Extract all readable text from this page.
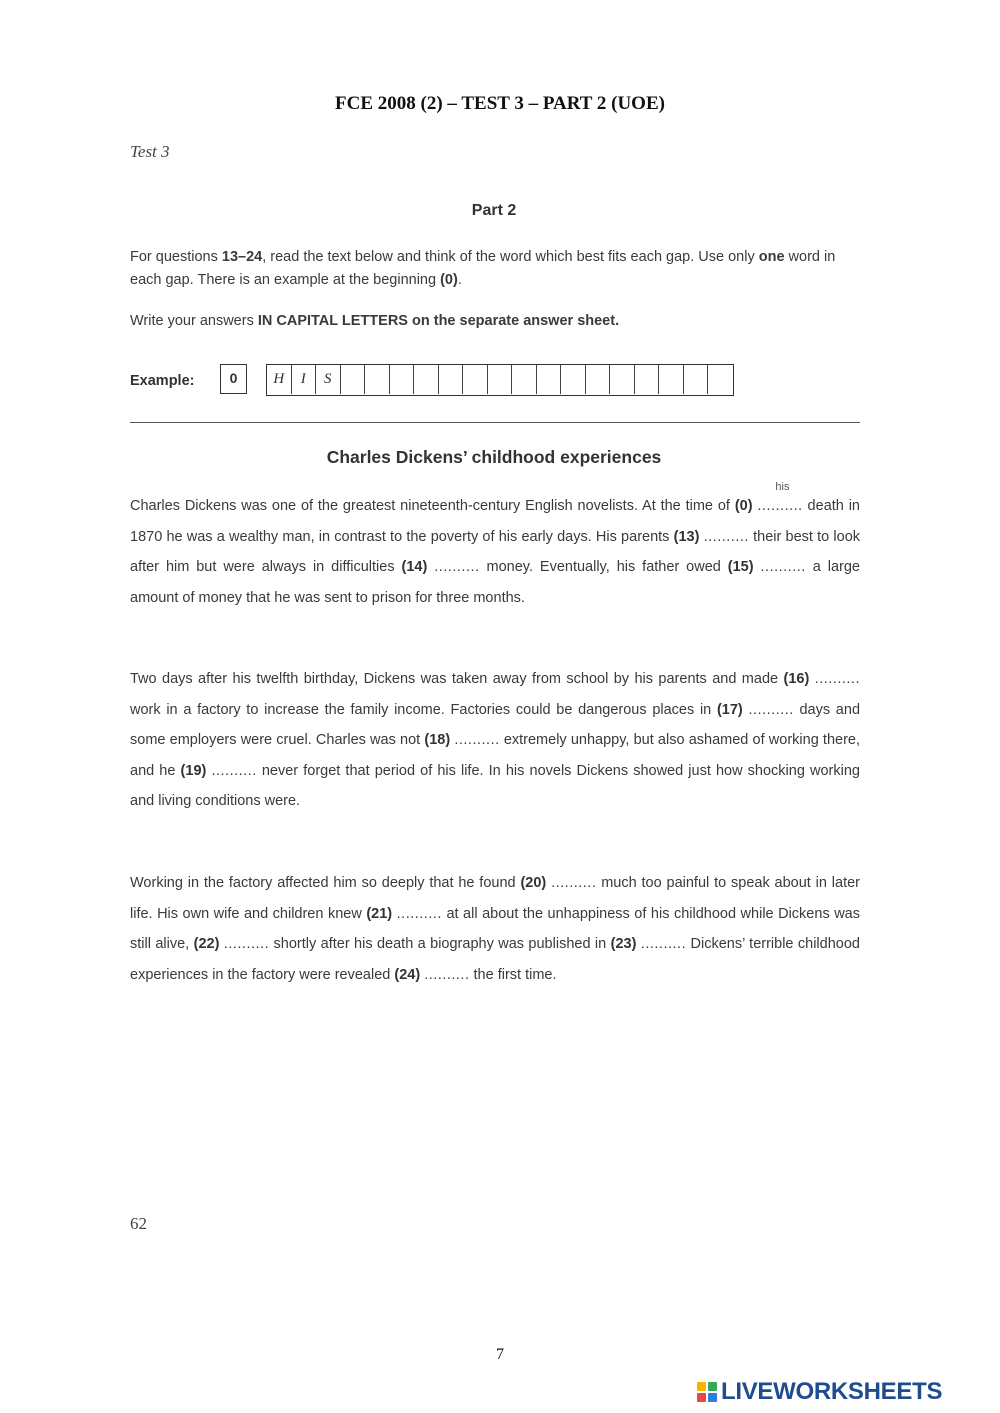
FCE 2008 (2) – TEST 3 – PART 2 (UOE)
Test 3
Part 2

For questions 13–24, read the text below and think of the word which best fits each gap. Use only one word in each gap. There is an example at the beginning (0).

Write your answers IN CAPITAL LETTERS on the separate answer sheet.

Example:	0	H	I	S
Charles Dickens’ childhood experiences

Charles Dickens was one of the greatest nineteenth-century English novelists. At the time of (0) ..........
his
death in 1870 he was a wealthy man, in contrast to the poverty of his early days. His parents (13) .......... their best to look after him but were always in difficulties (14) .......... money. Eventually, his father owed (15) .......... a large amount of money that he was sent to prison for three months.

Two days after his twelfth birthday, Dickens was taken away from school by his parents and made (16) .......... work in a factory to increase the family income. Factories could be dangerous places in (17) .......... days and some employers were cruel. Charles was not (18) .......... extremely unhappy, but also ashamed of working there, and he (19) .......... never forget that period of his life. In his novels Dickens showed just how shocking working and living conditions were.

Working in the factory affected him so deeply that he found (20) .......... much too painful to speak about in later life. His own wife and children knew (21) .......... at all about the unhappiness of his childhood while Dickens was still alive, (22) .......... shortly after his death a biography was published in (23) .......... Dickens’ terrible childhood experiences in the factory were revealed (24) .......... the first time.

62
7
LIVEWORKSHEETS
